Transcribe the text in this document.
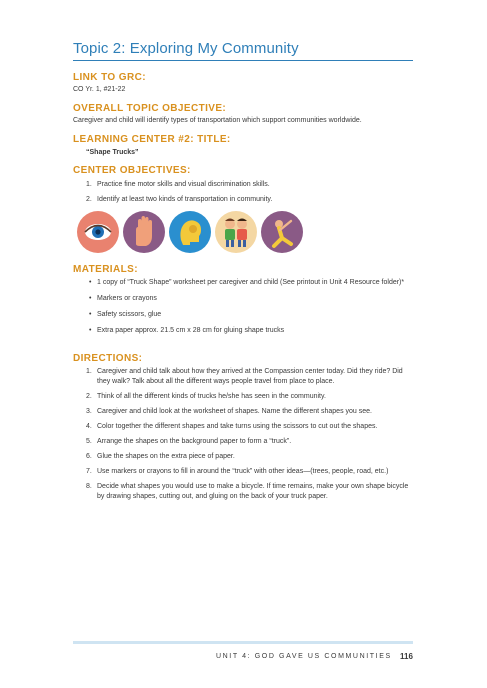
Topic 2: Exploring My Community
LINK TO GRC:
CO Yr. 1, #21-22
OVERALL TOPIC OBJECTIVE:
Caregiver and child will identify types of transportation which support communities worldwide.
LEARNING CENTER #2: TITLE:
“Shape Trucks”
CENTER OBJECTIVES:
1. Practice fine motor skills and visual discrimination skills.
2. Identify at least two kinds of transportation in community.
MATERIALS:
• 1 copy of “Truck Shape” worksheet per caregiver and child (See printout in Unit 4 Resource folder)*
• Markers or crayons
• Safety scissors, glue
• Extra paper approx. 21.5 cm x 28 cm for gluing shape trucks
DIRECTIONS:
1. Caregiver and child talk about how they arrived at the Compassion center today. Did they ride? Did they walk? Talk about all the different ways people travel from place to place.
2. Think of all the different kinds of trucks he/she has seen in the community.
3. Caregiver and child look at the worksheet of shapes. Name the different shapes you see.
4. Color together the different shapes and take turns using the scissors to cut out the shapes.
5. Arrange the shapes on the background paper to form a “truck”.
6. Glue the shapes on the extra piece of paper.
7. Use markers or crayons to fill in around the “truck” with other ideas—(trees, people, road, etc.)
8. Decide what shapes you would use to make a bicycle. If time remains, make your own shape bicycle by drawing shapes, cutting out, and gluing on the back of your truck paper.
UNIT 4: GOD GAVE US COMMUNITIES 116
